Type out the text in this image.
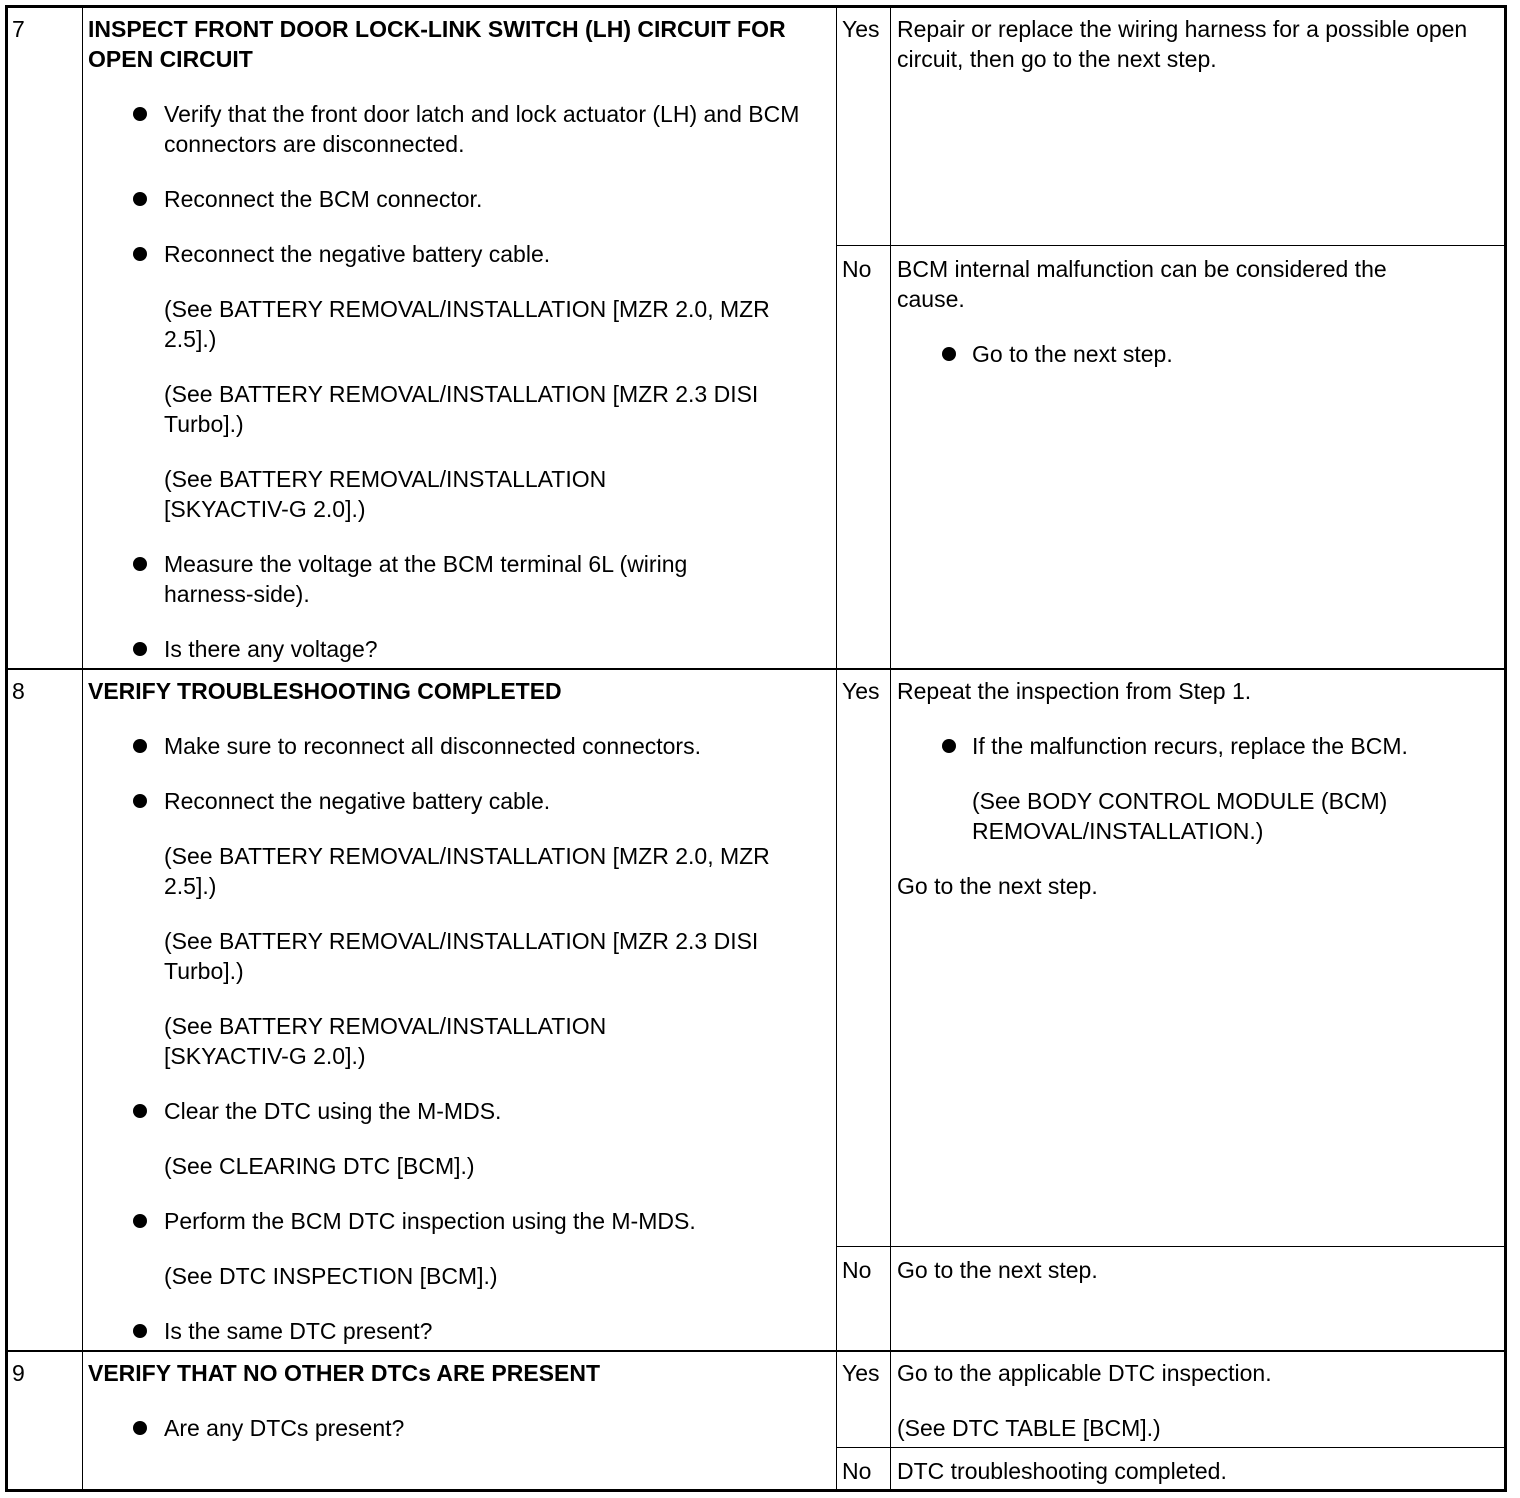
7	INSPECT FRONT DOOR LOCK-LINK SWITCH (LH) CIRCUIT FOR OPEN CIRCUIT
Verify that the front door latch and lock actuator (LH) and BCM connectors are disconnected.
Reconnect the BCM connector.
Reconnect the negative battery cable.
(See BATTERY REMOVAL/INSTALLATION [MZR 2.0, MZR 2.5].)
(See BATTERY REMOVAL/INSTALLATION [MZR 2.3 DISI Turbo].)
(See BATTERY REMOVAL/INSTALLATION [SKYACTIV-G 2.0].)
Measure the voltage at the BCM terminal 6L (wiring harness-side).
Is there any voltage?
Yes Repair or replace the wiring harness for a possible open circuit, then go to the next step.
No BCM internal malfunction can be considered the cause.
Go to the next step.
8	VERIFY TROUBLESHOOTING COMPLETED
Make sure to reconnect all disconnected connectors.
Reconnect the negative battery cable.
(See BATTERY REMOVAL/INSTALLATION [MZR 2.0, MZR 2.5].)
(See BATTERY REMOVAL/INSTALLATION [MZR 2.3 DISI Turbo].)
(See BATTERY REMOVAL/INSTALLATION [SKYACTIV-G 2.0].)
Clear the DTC using the M-MDS.
(See CLEARING DTC [BCM].)
Perform the BCM DTC inspection using the M-MDS.
(See DTC INSPECTION [BCM].)
Is the same DTC present?
Yes Repeat the inspection from Step 1.
If the malfunction recurs, replace the BCM.
(See BODY CONTROL MODULE (BCM) REMOVAL/INSTALLATION.)
Go to the next step.
No Go to the next step.
9	VERIFY THAT NO OTHER DTCs ARE PRESENT
Are any DTCs present?
Yes Go to the applicable DTC inspection.
(See DTC TABLE [BCM].)
No DTC troubleshooting completed.
